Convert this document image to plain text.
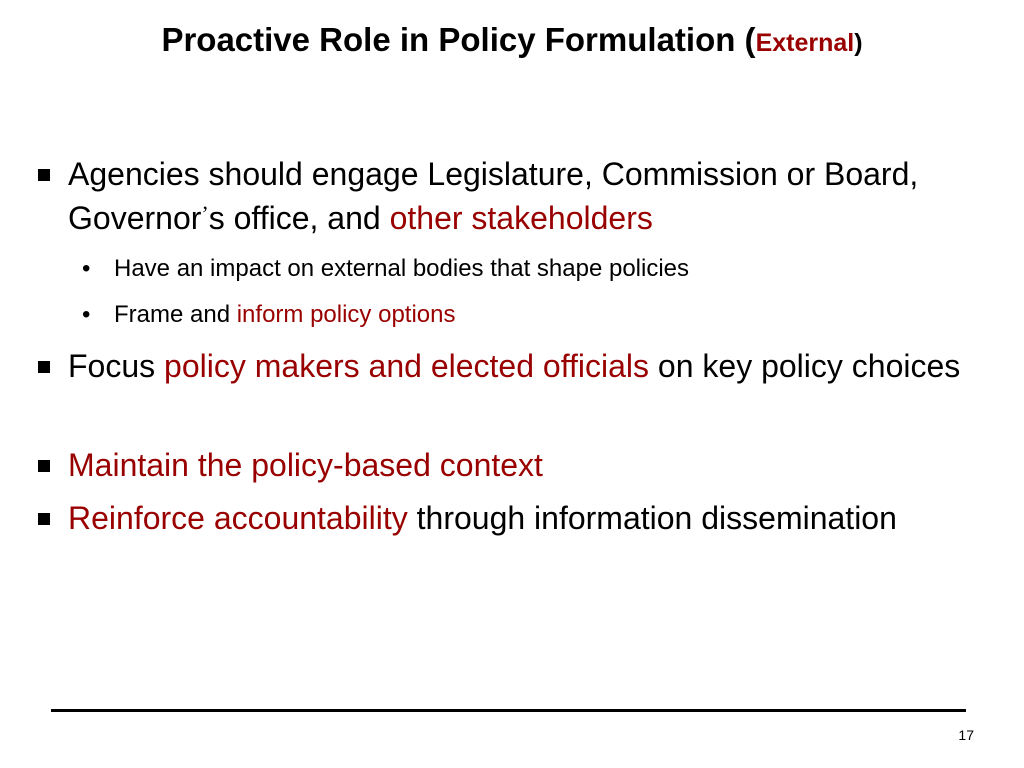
Proactive Role in Policy Formulation (External)
Agencies should engage Legislature, Commission or Board, Governor’s office, and other stakeholders
• Have an impact on external bodies that shape policies
• Frame and inform policy options
Focus policy makers and elected officials on key policy choices
Maintain the policy-based context
Reinforce accountability through information dissemination
17
